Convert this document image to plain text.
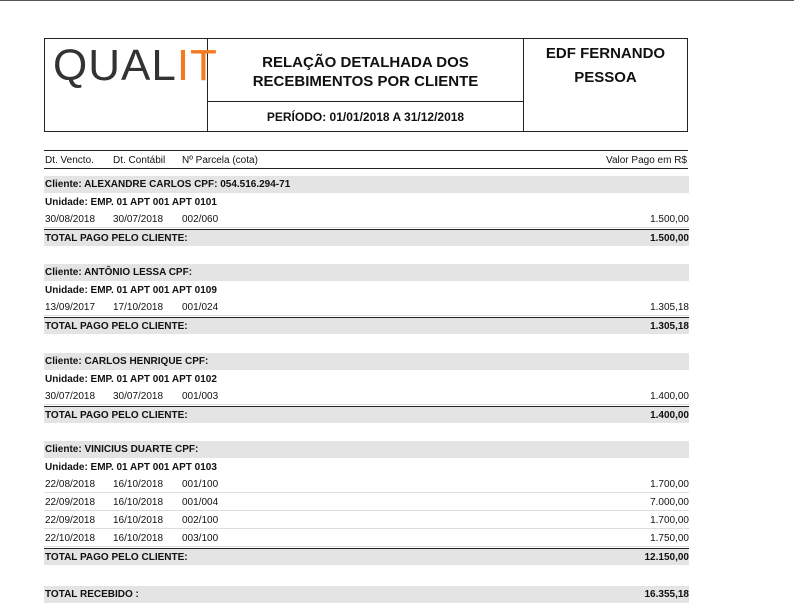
QUALIT	RELAÇÃO DETALHADA DOS RECEBIMENTOS POR CLIENTE
PERÍODO: 01/01/2018 A 31/12/2018
EDF FERNANDO PESSOA
Dt. Vencto. Dt. Contábil Nº Parcela (cota)	Valor Pago em R$
Cliente: ALEXANDRE CARLOS CPF: 054.516.294-71
Unidade: EMP. 01 APT 001 APT 0101
30/08/2018 30/07/2018 002/060	1.500,00
TOTAL PAGO PELO CLIENTE:	1.500,00
Cliente: ANTÔNIO LESSA CPF:
Unidade: EMP. 01 APT 001 APT 0109
13/09/2017 17/10/2018 001/024	1.305,18
TOTAL PAGO PELO CLIENTE:	1.305,18
Cliente: CARLOS HENRIQUE CPF:
Unidade: EMP. 01 APT 001 APT 0102
30/07/2018 30/07/2018 001/003	1.400,00
TOTAL PAGO PELO CLIENTE:	1.400,00
Cliente: VINICIUS DUARTE CPF:
Unidade: EMP. 01 APT 001 APT 0103
22/08/2018 16/10/2018 001/100	1.700,00
22/09/2018 16/10/2018 001/004	7.000,00
22/09/2018 16/10/2018 002/100	1.700,00
22/10/2018 16/10/2018 003/100	1.750,00
TOTAL PAGO PELO CLIENTE:	12.150,00
TOTAL RECEBIDO :	16.355,18
